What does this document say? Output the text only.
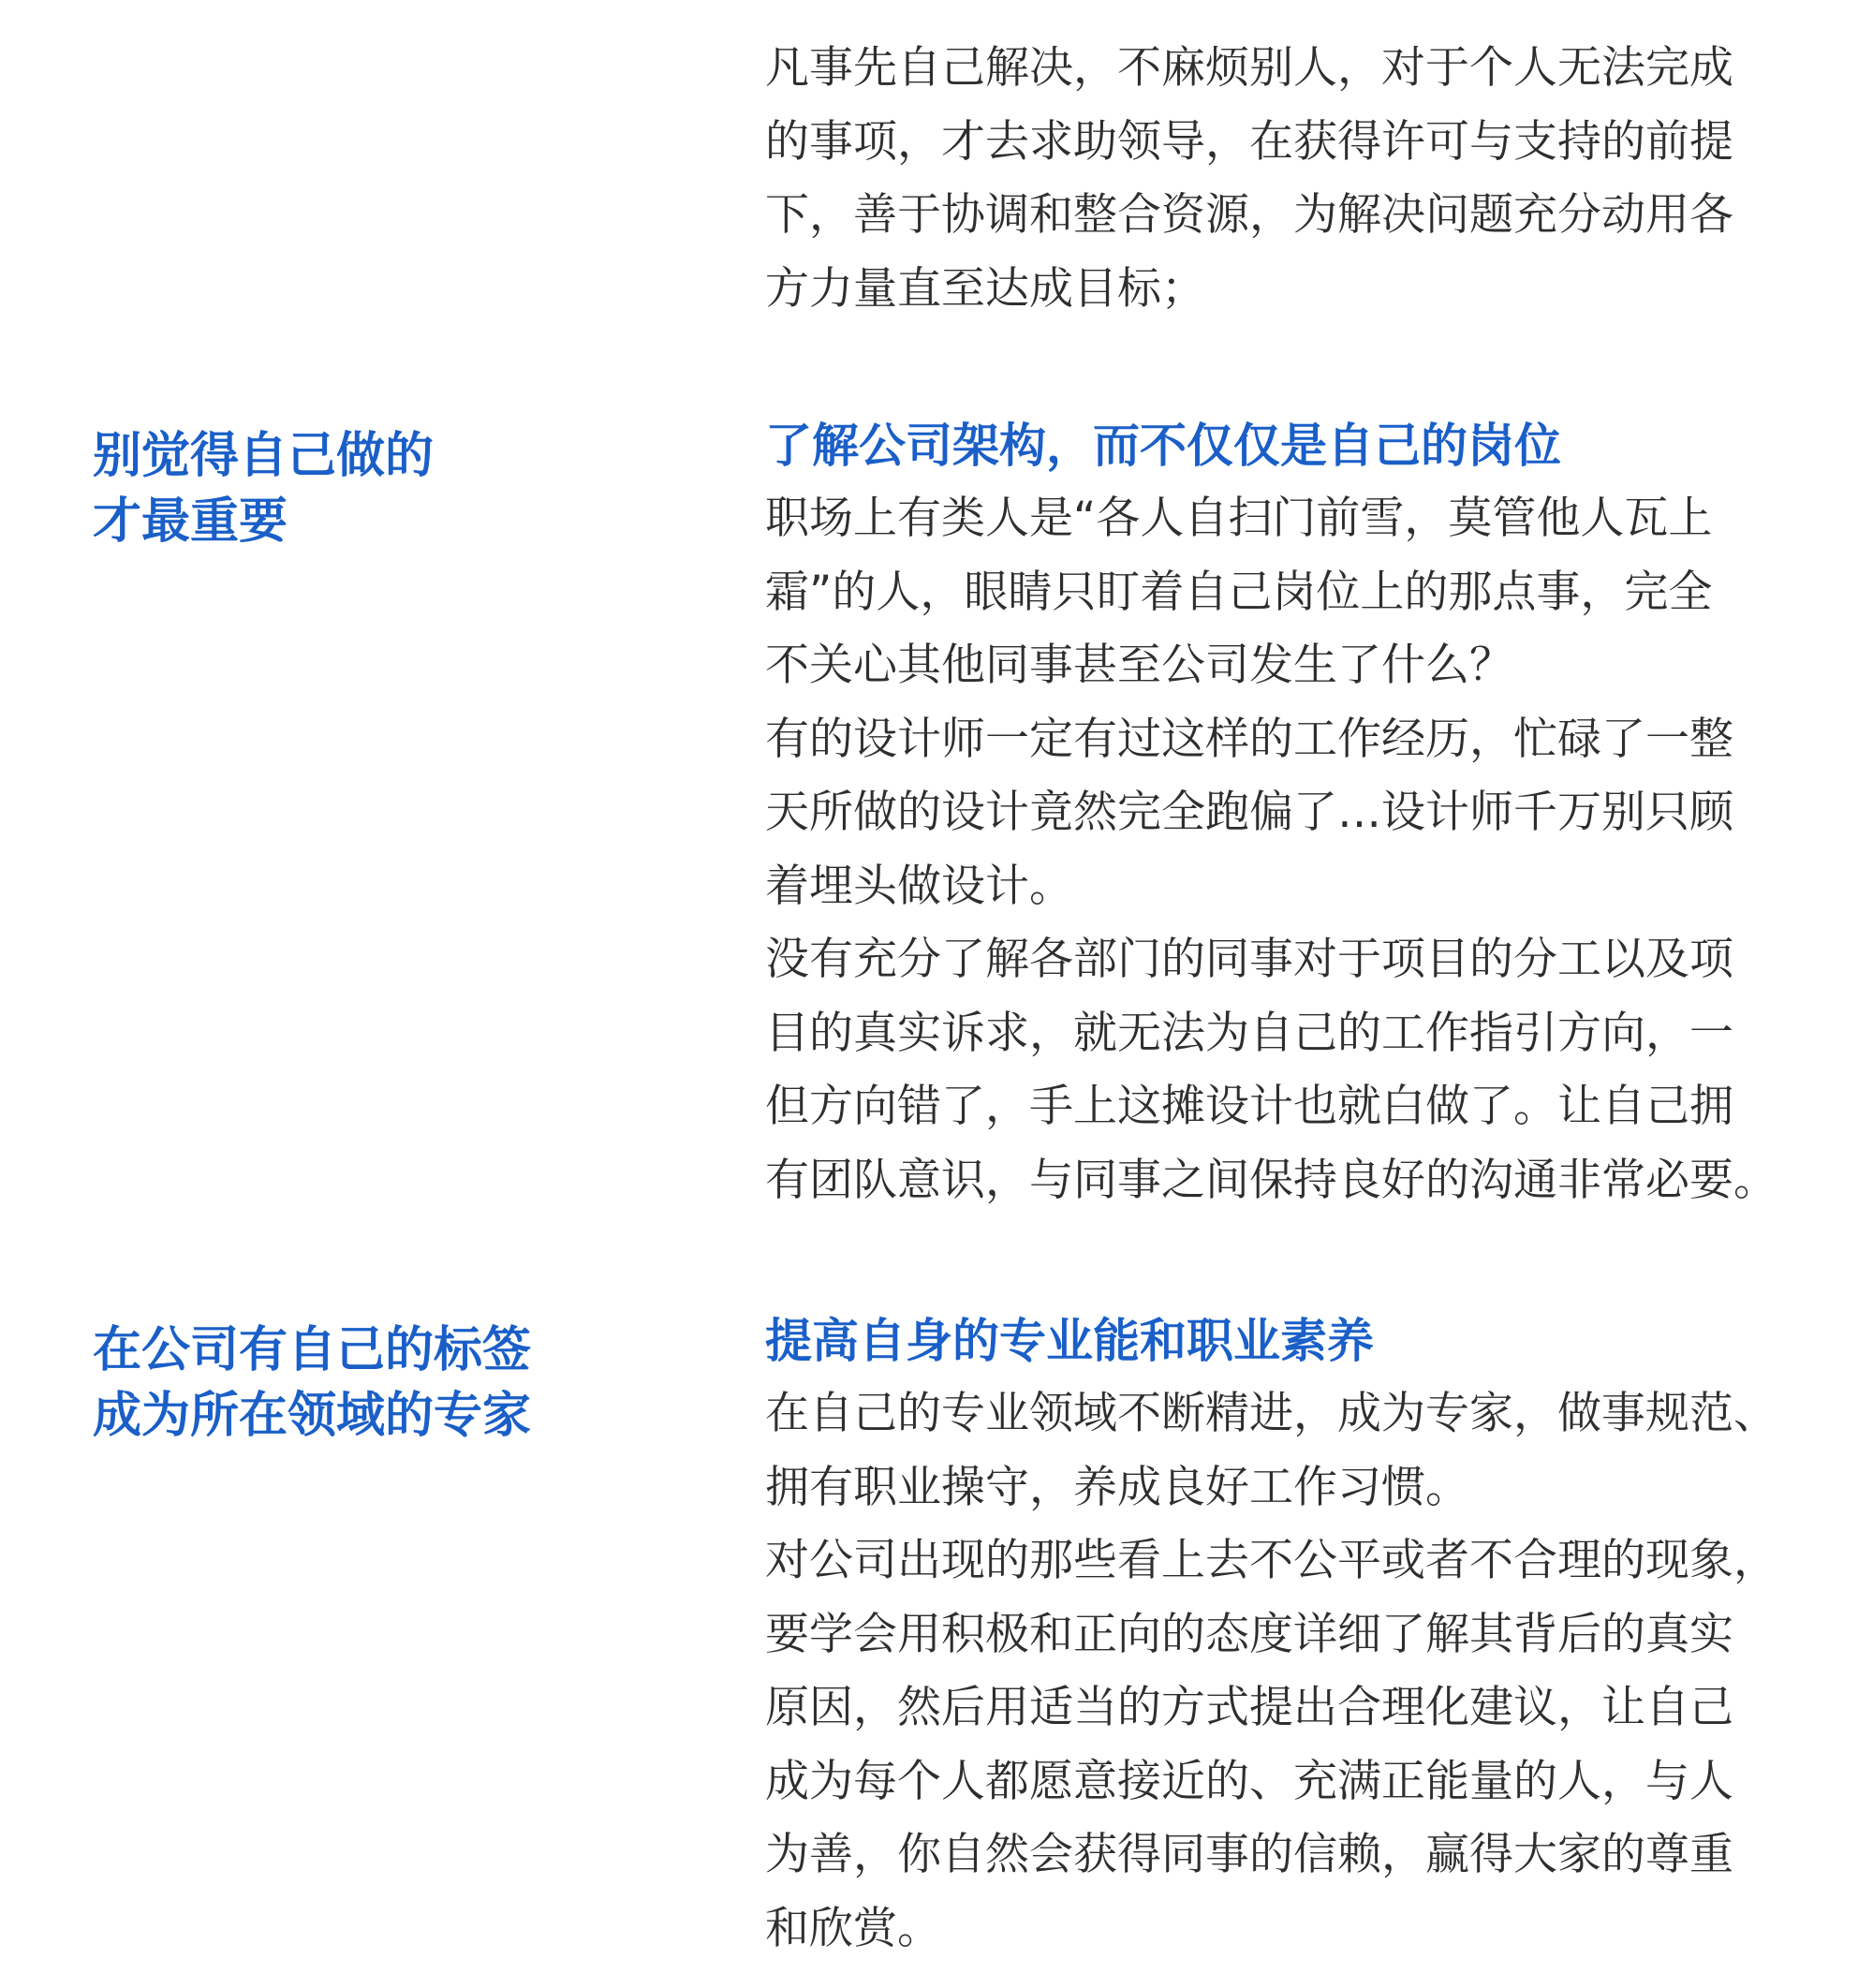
凡事先自己解决，不麻烦别人，对于个人无法完成
的事项，才去求助领导，在获得许可与支持的前提
下，善于协调和整合资源，为解决问题充分动用各
方力量直至达成目标；
别觉得自己做的
才最重要
了解公司架构，而不仅仅是自己的岗位
职场上有类人是“各人自扫门前雪，莫管他人瓦上
霜”的人，眼睛只盯着自己岗位上的那点事，完全
不关心其他同事甚至公司发生了什么？
有的设计师一定有过这样的工作经历，忙碌了一整
天所做的设计竟然完全跑偏了…设计师千万别只顾
着埋头做设计。
没有充分了解各部门的同事对于项目的分工以及项
目的真实诉求，就无法为自己的工作指引方向，一
但方向错了，手上这摊设计也就白做了。让自己拥
有团队意识，与同事之间保持良好的沟通非常必要。
在公司有自己的标签
成为所在领域的专家
提高自身的专业能和职业素养
在自己的专业领域不断精进，成为专家，做事规范、
拥有职业操守，养成良好工作习惯。
对公司出现的那些看上去不公平或者不合理的现象，
要学会用积极和正向的态度详细了解其背后的真实
原因，然后用适当的方式提出合理化建议，让自己
成为每个人都愿意接近的、充满正能量的人，与人
为善，你自然会获得同事的信赖，赢得大家的尊重
和欣赏。
